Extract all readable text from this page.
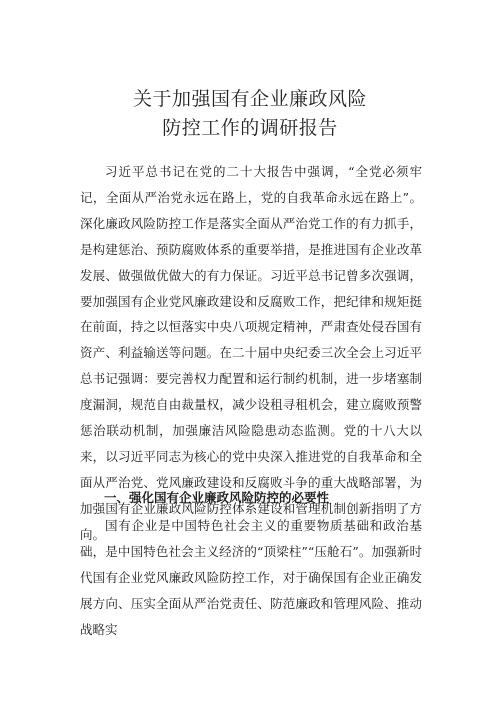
关于加强国有企业廉政风险
防控工作的调研报告
习近平总书记在党的二十大报告中强调，“全党必须牢记，全面从严治党永远在路上，党的自我革命永远在路上”。深化廉政风险防控工作是落实全面从严治党工作的有力抓手，是构建惩治、预防腐败体系的重要举措，是推进国有企业改革发展、做强做优做大的有力保证。习近平总书记曾多次强调，要加强国有企业党风廉政建设和反腐败工作，把纪律和规矩挺在前面，持之以恒落实中央八项规定精神，严肃查处侵吞国有资产、利益输送等问题。在二十届中央纪委三次全会上习近平总书记强调：要完善权力配置和运行制约机制，进一步堵塞制度漏洞，规范自由裁量权，减少设租寻租机会，建立腐败预警惩治联动机制，加强廉洁风险隐患动态监测。党的十八大以来，以习近平同志为核心的党中央深入推进党的自我革命和全面从严治党、党风廉政建设和反腐败斗争的重大战略部署，为加强国有企业廉政风险防控体系建设和管理机制创新指明了方向。
一、强化国有企业廉政风险防控的必要性
国有企业是中国特色社会主义的重要物质基础和政治基础，是中国特色社会主义经济的“顶梁柱”“压舱石”。加强新时代国有企业党风廉政风险防控工作，对于确保国有企业正确发展方向、压实全面从严治党责任、防范廉政和管理风险、推动战略实
